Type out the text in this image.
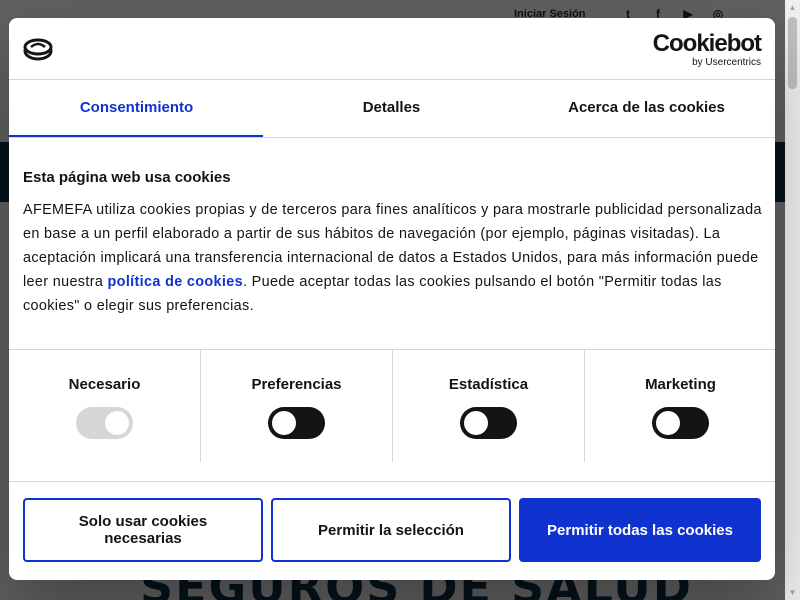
▲
▼
Cookiebot
by Usercentrics
Consentimiento	Detalles	Acerca de las cookies
Esta página web usa cookies
AFEMEFA utiliza cookies propias y de terceros para fines analíticos y para mostrarle publicidad personalizada en base a un perfil elaborado a partir de sus hábitos de navegación (por ejemplo, páginas visitadas). La aceptación implicará una transferencia internacional de datos a Estados Unidos, para más información puede leer nuestra política de cookies. Puede aceptar todas las cookies pulsando el botón "Permitir todas las cookies" o elegir sus preferencias.
Necesario	Preferencias	Estadística	Marketing
Solo usar cookies necesarias	Permitir la selección	Permitir todas las cookies
